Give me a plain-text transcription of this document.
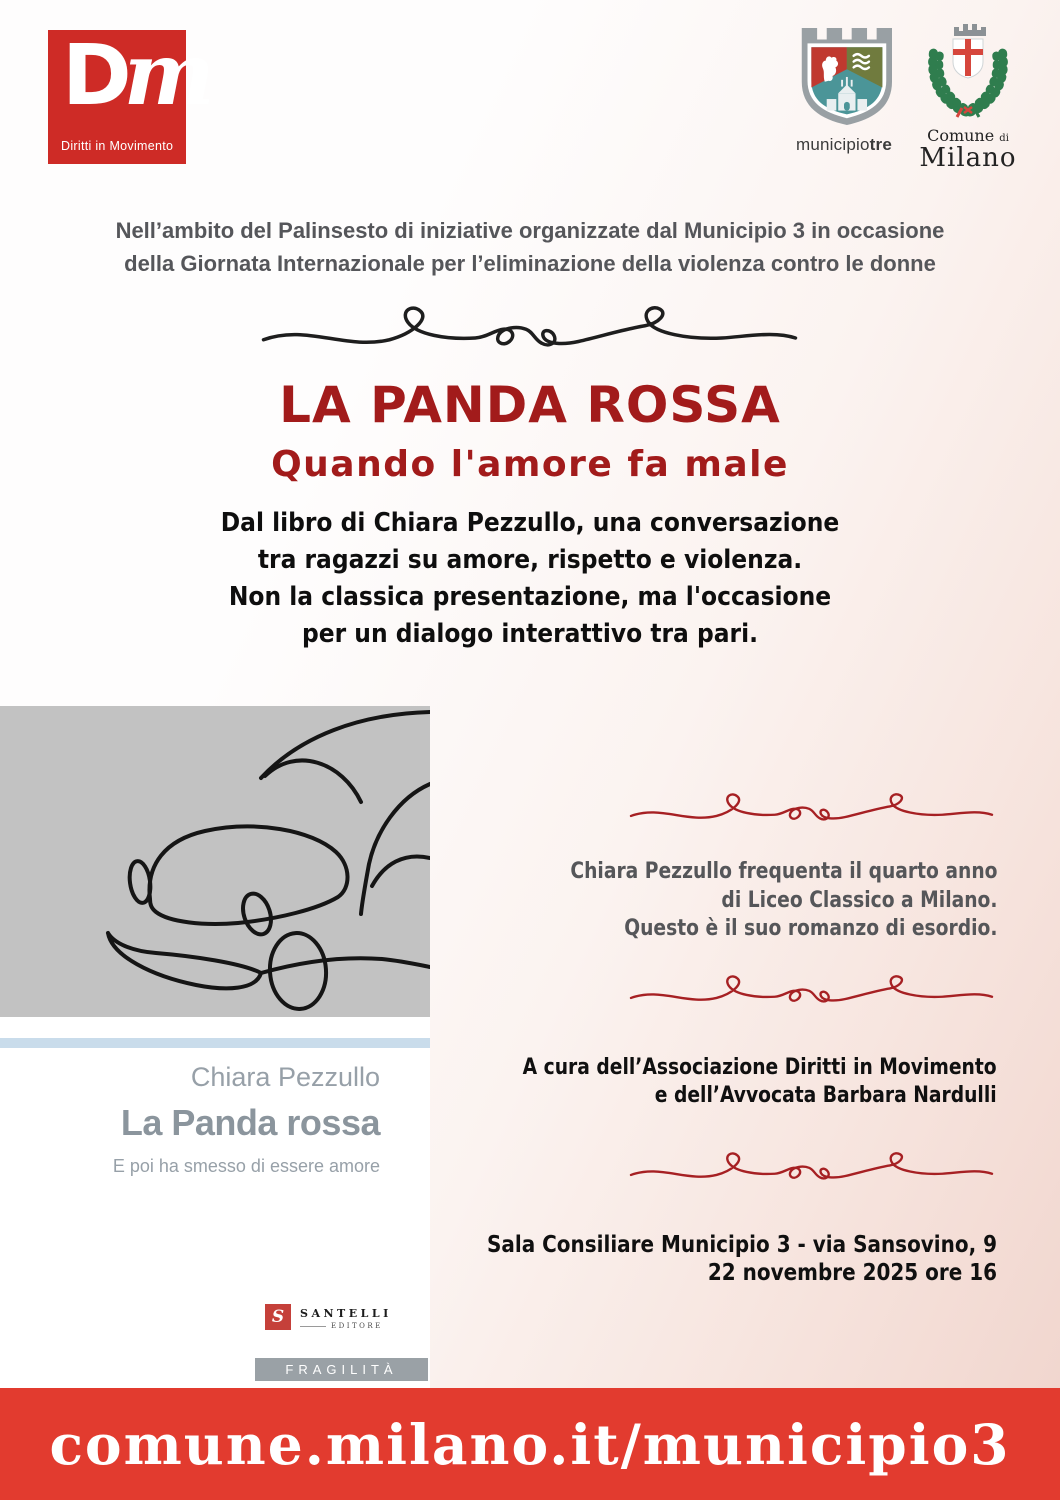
Dm
Diritti in Movimento	municipiotre	Comune di
Milano
Nell’ambito del Palinsesto di iniziative organizzate dal Municipio 3 in occasione
della Giornata Internazionale per l’eliminazione della violenza contro le donne
LA PANDA ROSSA
Quando l'amore fa male
Dal libro di Chiara Pezzullo, una conversazione
tra ragazzi su amore, rispetto e violenza.
Non la classica presentazione, ma l'occasione
per un dialogo interattivo tra pari.
Chiara Pezzullo
La Panda rossa
E poi ha smesso di essere amore
S	SANTELLI
EDITORE
FRAGILITÀ
Chiara Pezzullo frequenta il quarto anno
di Liceo Classico a Milano.
Questo è il suo romanzo di esordio.
A cura dell’Associazione Diritti in Movimento
e dell’Avvocata Barbara Nardulli
Sala Consiliare Municipio 3 - via Sansovino, 9
22 novembre 2025 ore 16
comune.milano.it/municipio3
